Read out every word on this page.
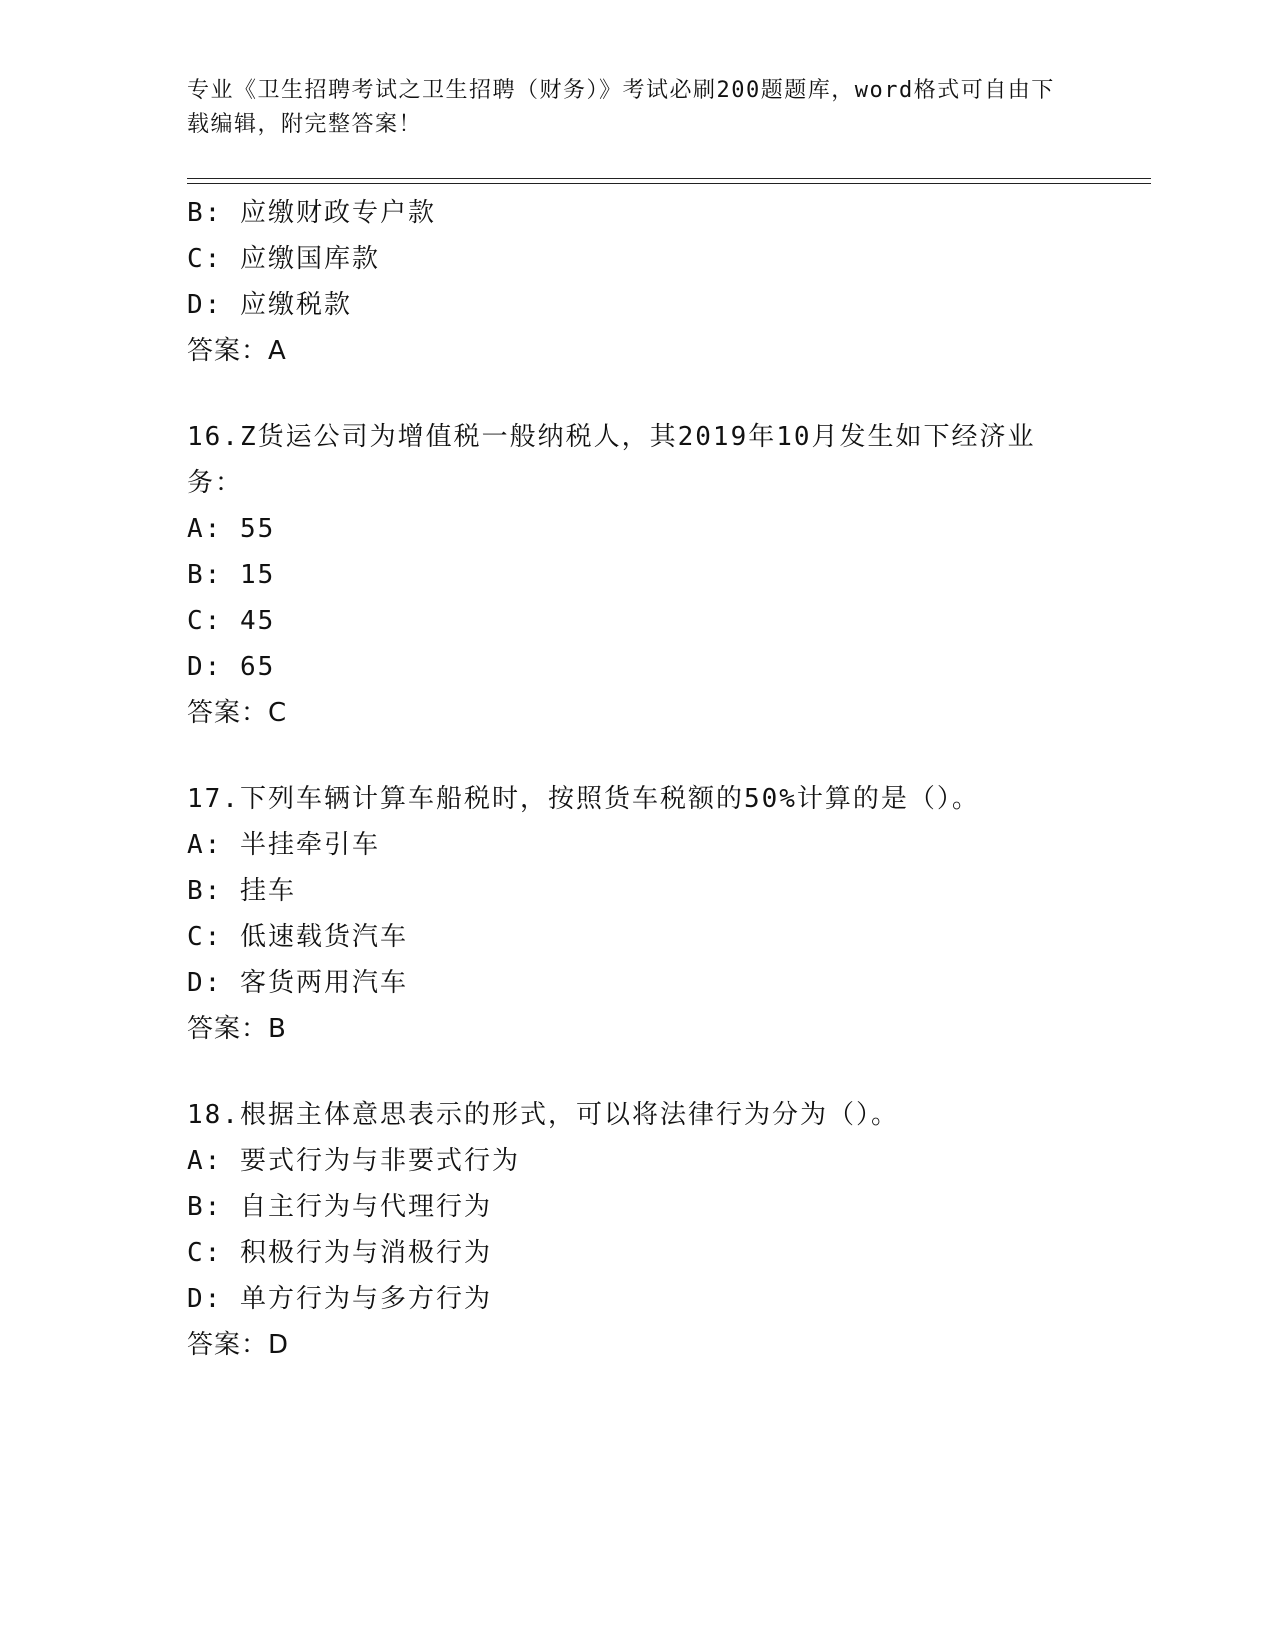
专业《卫生招聘考试之卫生招聘（财务）》考试必刷200题题库，word格式可自由下载编辑，附完整答案！
B: 应缴财政专户款
C: 应缴国库款
D: 应缴税款
答案：A
16.Z货运公司为增值税一般纳税人，其2019年10月发生如下经济业务：
A: 55
B: 15
C: 45
D: 65
答案：C
17.下列车辆计算车船税时，按照货车税额的50%计算的是（）。
A: 半挂牵引车
B: 挂车
C: 低速载货汽车
D: 客货两用汽车
答案：B
18.根据主体意思表示的形式，可以将法律行为分为（）。
A: 要式行为与非要式行为
B: 自主行为与代理行为
C: 积极行为与消极行为
D: 单方行为与多方行为
答案：D
